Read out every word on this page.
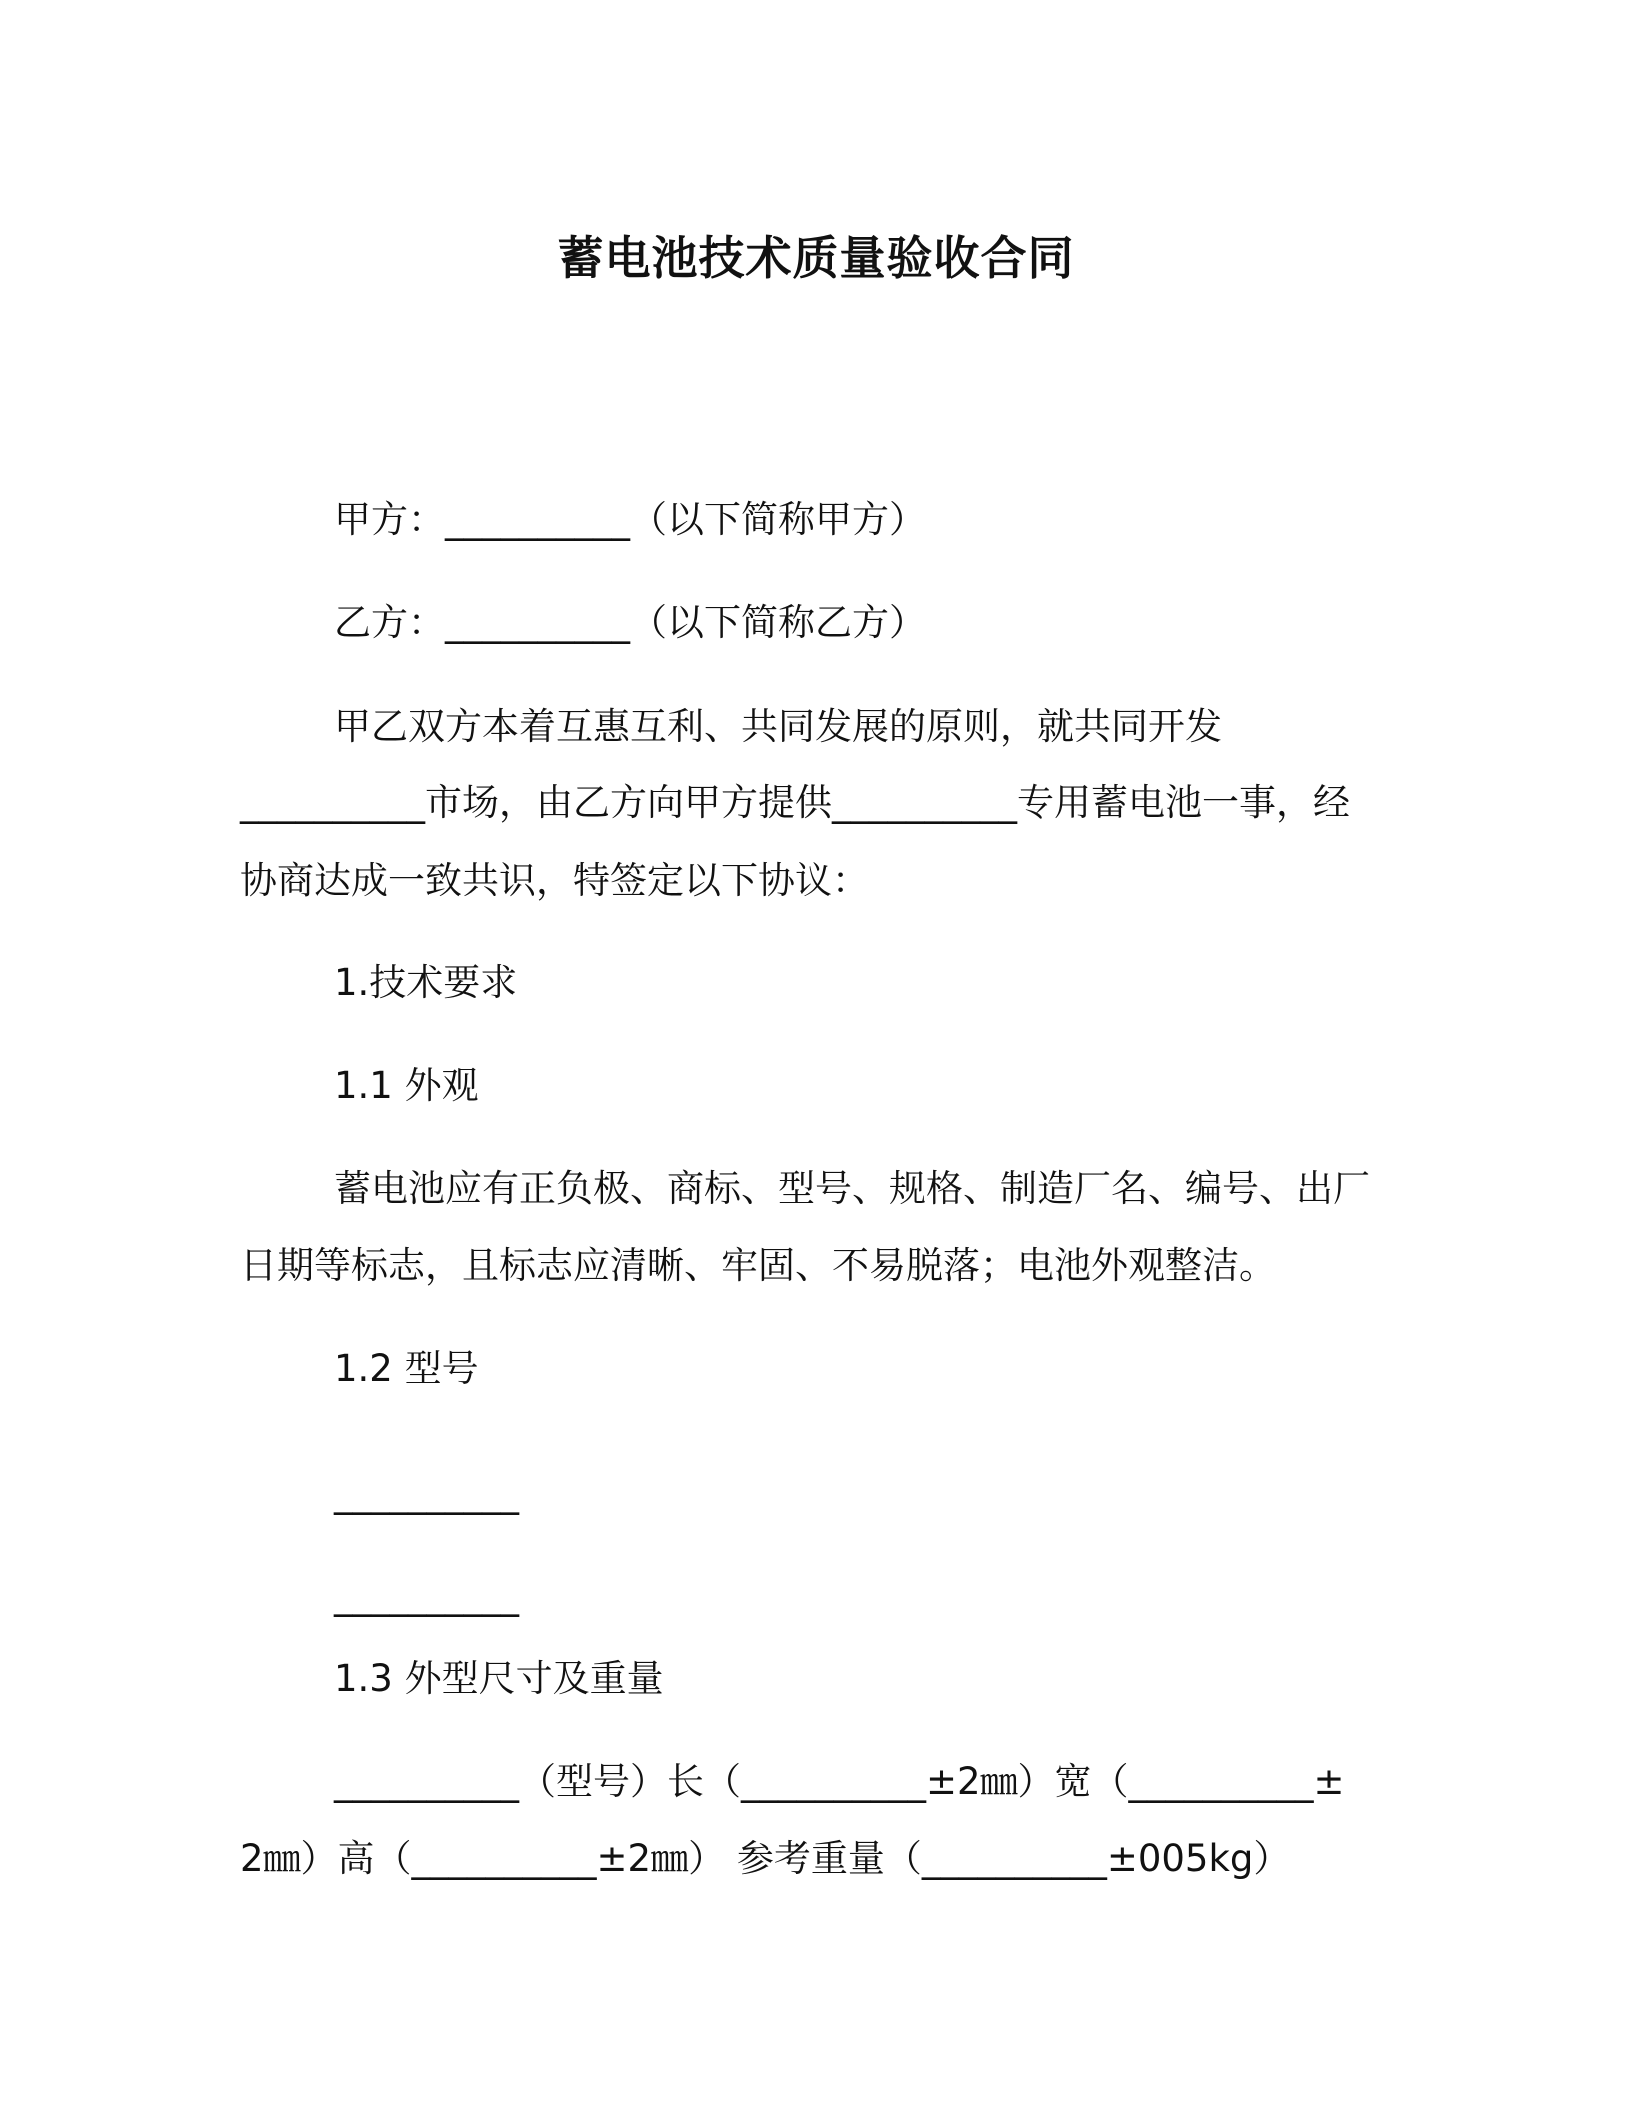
蓄电池技术质量验收合同
甲方：__________（以下简称甲方）
乙方：__________（以下简称乙方）
甲乙双方本着互惠互利、共同发展的原则，就共同开发
__________市场，由乙方向甲方提供__________专用蓄电池一事，经
协商达成一致共识，特签定以下协议：
1.技术要求
1.1 外观
蓄电池应有正负极、商标、型号、规格、制造厂名、编号、出厂
日期等标志，且标志应清晰、牢固、不易脱落；电池外观整洁。
1.2 型号
__________
__________
1.3 外型尺寸及重量
__________（型号）长（__________±2㎜）宽（__________±
2㎜）高（__________±2㎜） 参考重量（__________±005kg）
